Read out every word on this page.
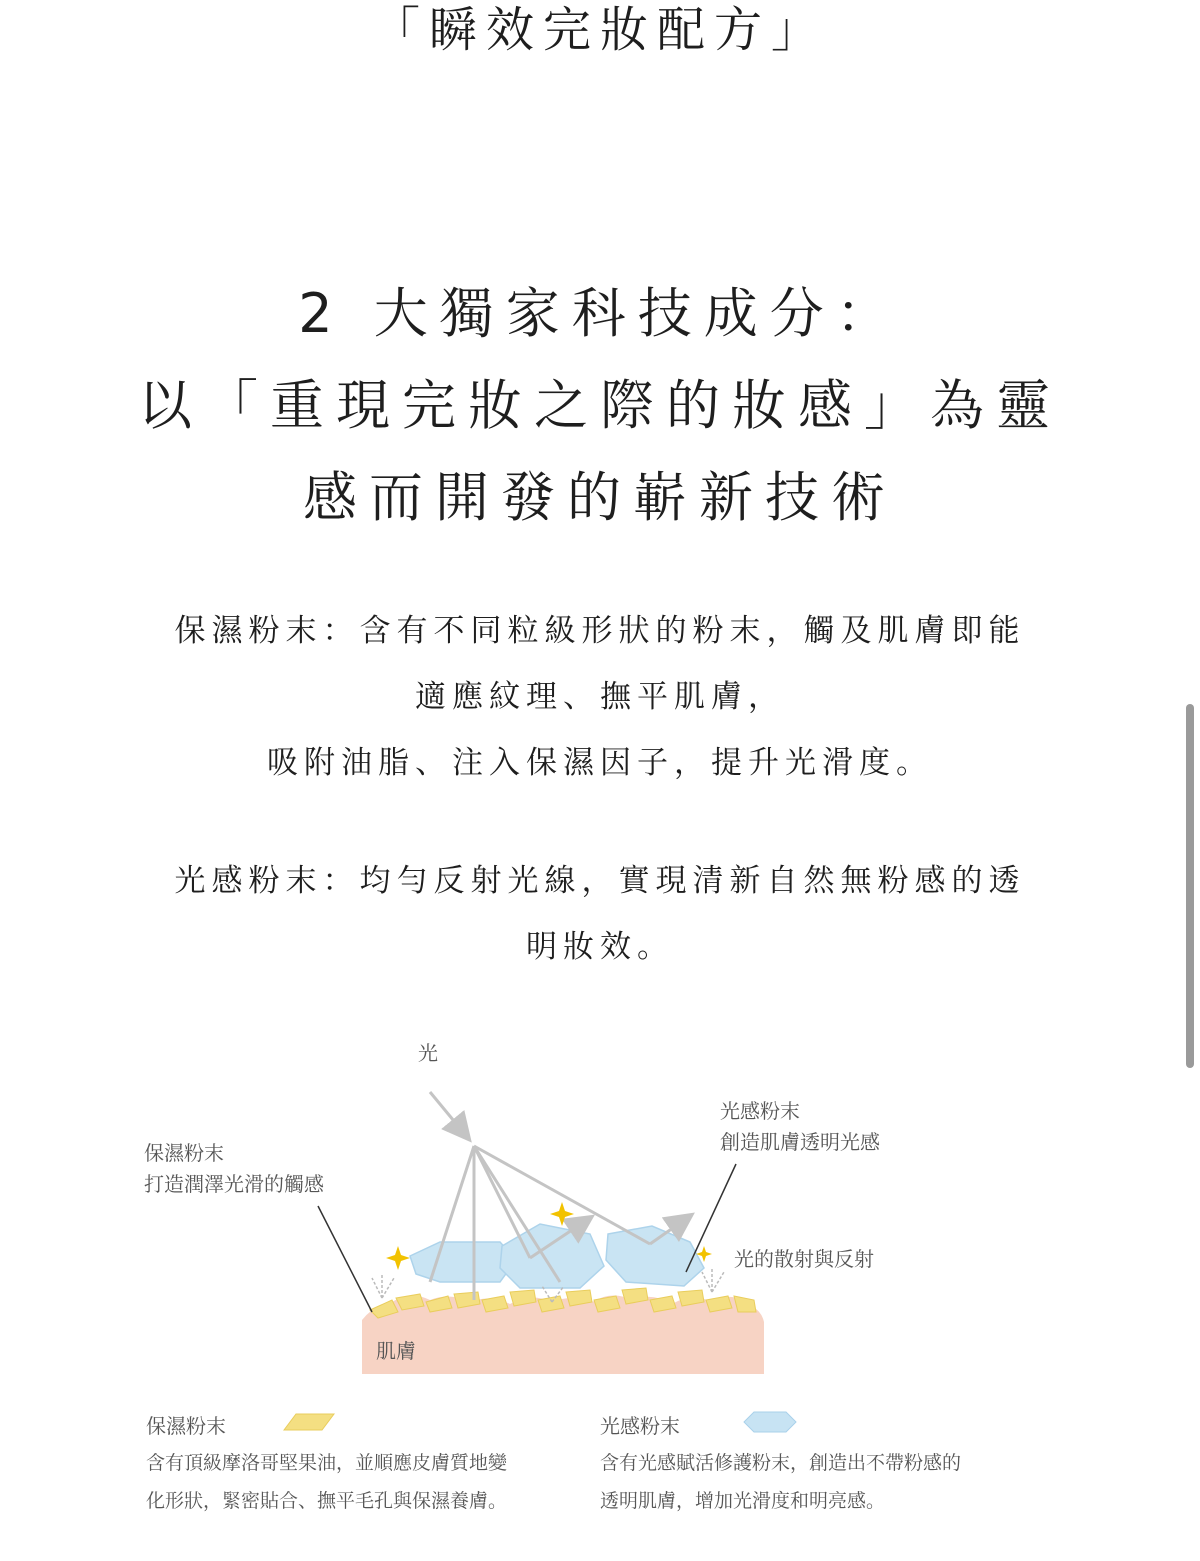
「瞬效完妝配方」
2 大獨家科技成分：
以「重現完妝之際的妝感」為靈
感而開發的嶄新技術
保濕粉末：含有不同粒級形狀的粉末，觸及肌膚即能
適應紋理、撫平肌膚，
吸附油脂、注入保濕因子，提升光滑度。
光感粉末：均勻反射光線，實現清新自然無粉感的透
明妝效。
光
光感粉末
創造肌膚透明光感
保濕粉末
打造潤澤光滑的觸感
光的散射與反射
肌膚
保濕粉末
含有頂級摩洛哥堅果油，並順應皮膚質地變
化形狀，緊密貼合、撫平毛孔與保濕養膚。
光感粉末
含有光感賦活修護粉末，創造出不帶粉感的
透明肌膚，增加光滑度和明亮感。
